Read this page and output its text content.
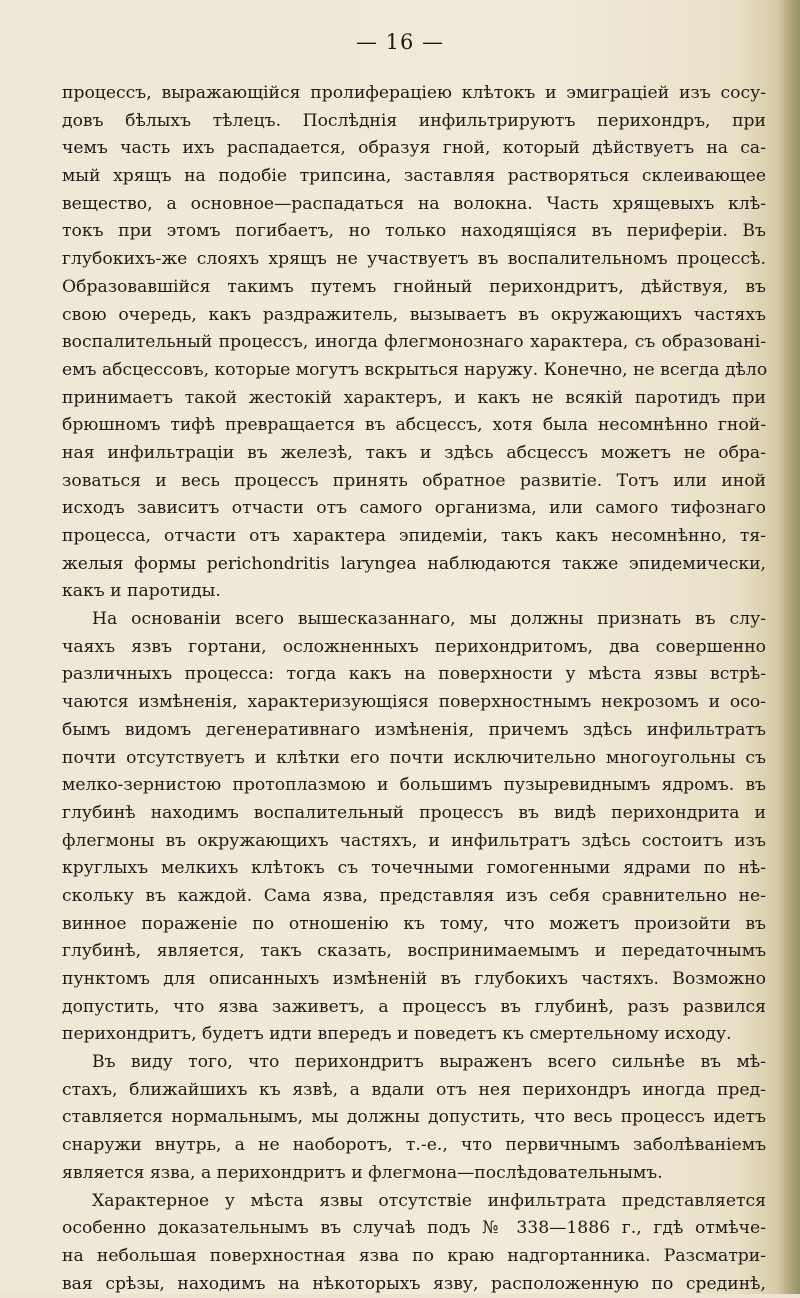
— 16 —
процессъ, выражающійся пролифераціею клѣтокъ и эмиграціей изъ сосу-
довъ бѣлыхъ тѣлецъ. Послѣднія инфильтрируютъ перихондръ, при
чемъ часть ихъ распадается, образуя гной, который дѣйствуетъ на са-
мый хрящъ на подобіе трипсина, заставляя растворяться склеивающее
вещество, а основное—распадаться на волокна. Часть хрящевыхъ клѣ-
токъ при этомъ погибаетъ, но только находящіяся въ периферіи. Въ
глубокихъ-же слояхъ хрящъ не участвуетъ въ воспалительномъ процессѣ.
Образовавшійся такимъ путемъ гнойный перихондритъ, дѣйствуя, въ
свою очередь, какъ раздражитель, вызываетъ въ окружающихъ частяхъ
воспалительный процессъ, иногда флегмонознаго характера, съ образовані-
емъ абсцессовъ, которые могутъ вскрыться наружу. Конечно, не всегда дѣло
принимаетъ такой жестокій характеръ, и какъ не всякій паротидъ при
брюшномъ тифѣ превращается въ абсцессъ, хотя была несомнѣнно гной-
ная инфильтраціи въ железѣ, такъ и здѣсь абсцессъ можетъ не обра-
зоваться и весь процессъ принять обратное развитіе. Тотъ или иной
исходъ зависитъ отчасти отъ самого организма, или самого тифознаго
процесса, отчасти отъ характера эпидеміи, такъ какъ несомнѣнно, тя-
желыя формы perichondritis laryngea наблюдаются также эпидемически,
какъ и паротиды.
На основаніи всего вышесказаннаго, мы должны признать въ слу-
чаяхъ язвъ гортани, осложненныхъ перихондритомъ, два совершенно
различныхъ процесса: тогда какъ на поверхности у мѣста язвы встрѣ-
чаются измѣненія, характеризующіяся поверхностнымъ некрозомъ и осо-
бымъ видомъ дегенеративнаго измѣненія, причемъ здѣсь инфильтратъ
почти отсутствуетъ и клѣтки его почти исключительно многоугольны съ
мелко-зернистою протоплазмою и большимъ пузыревиднымъ ядромъ. въ
глубинѣ находимъ воспалительный процессъ въ видѣ перихондрита и
флегмоны въ окружающихъ частяхъ, и инфильтратъ здѣсь состоитъ изъ
круглыхъ мелкихъ клѣтокъ съ точечными гомогенными ядрами по нѣ-
скольку въ каждой. Сама язва, представляя изъ себя сравнительно не-
винное пораженіе по отношенію къ тому, что можетъ произойти въ
глубинѣ, является, такъ сказать, воспринимаемымъ и передаточнымъ
пунктомъ для описанныхъ измѣненій въ глубокихъ частяхъ. Возможно
допустить, что язва заживетъ, а процессъ въ глубинѣ, разъ развился
перихондритъ, будетъ идти впередъ и поведетъ къ смертельному исходу.
Въ виду того, что перихондритъ выраженъ всего сильнѣе въ мѣ-
стахъ, ближайшихъ къ язвѣ, а вдали отъ нея перихондръ иногда пред-
ставляется нормальнымъ, мы должны допустить, что весь процессъ идетъ
снаружи внутрь, а не наоборотъ, т.-е., что первичнымъ заболѣваніемъ
является язва, а перихондритъ и флегмона—послѣдовательнымъ.
Характерное у мѣста язвы отсутствіе инфильтрата представляется
особенно доказательнымъ въ случаѣ подъ № 338—1886 г., гдѣ отмѣче-
на небольшая поверхностная язва по краю надгортанника. Разсматри-
вая срѣзы, находимъ на нѣкоторыхъ язву, расположенную по срединѣ,
